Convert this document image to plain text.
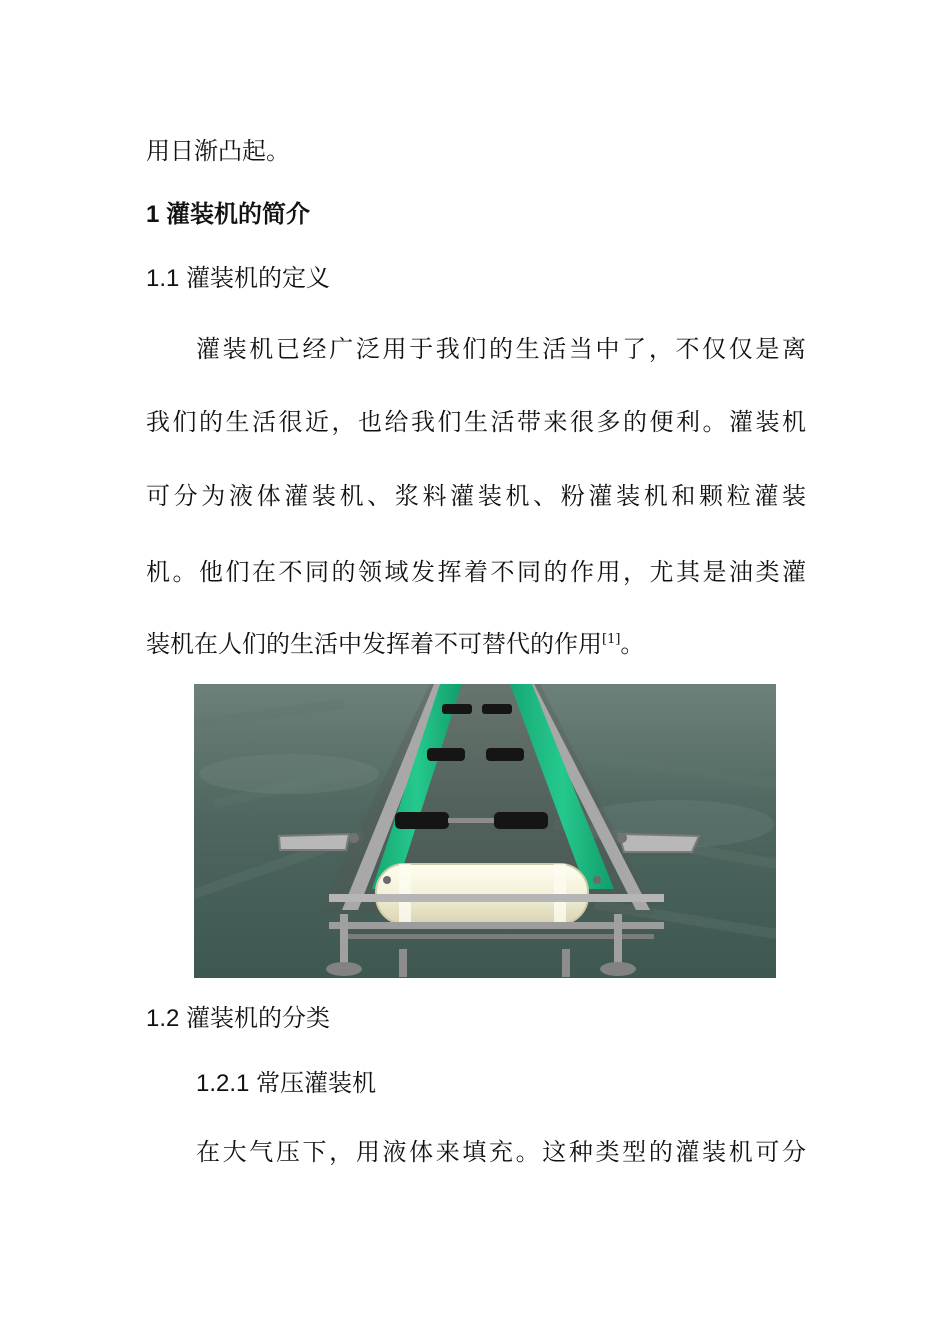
用日渐凸起。
1 灌装机的简介
1.1 灌装机的定义
灌装机已经广泛用于我们的生活当中了，不仅仅是离
我们的生活很近，也给我们生活带来很多的便利。灌装机
可分为液体灌装机、浆料灌装机、粉灌装机和颗粒灌装
机。他们在不同的领域发挥着不同的作用，尤其是油类灌
装机在人们的生活中发挥着不可替代的作用[1]。
1.2 灌装机的分类
1.2.1 常压灌装机
在大气压下，用液体来填充。这种类型的灌装机可分
